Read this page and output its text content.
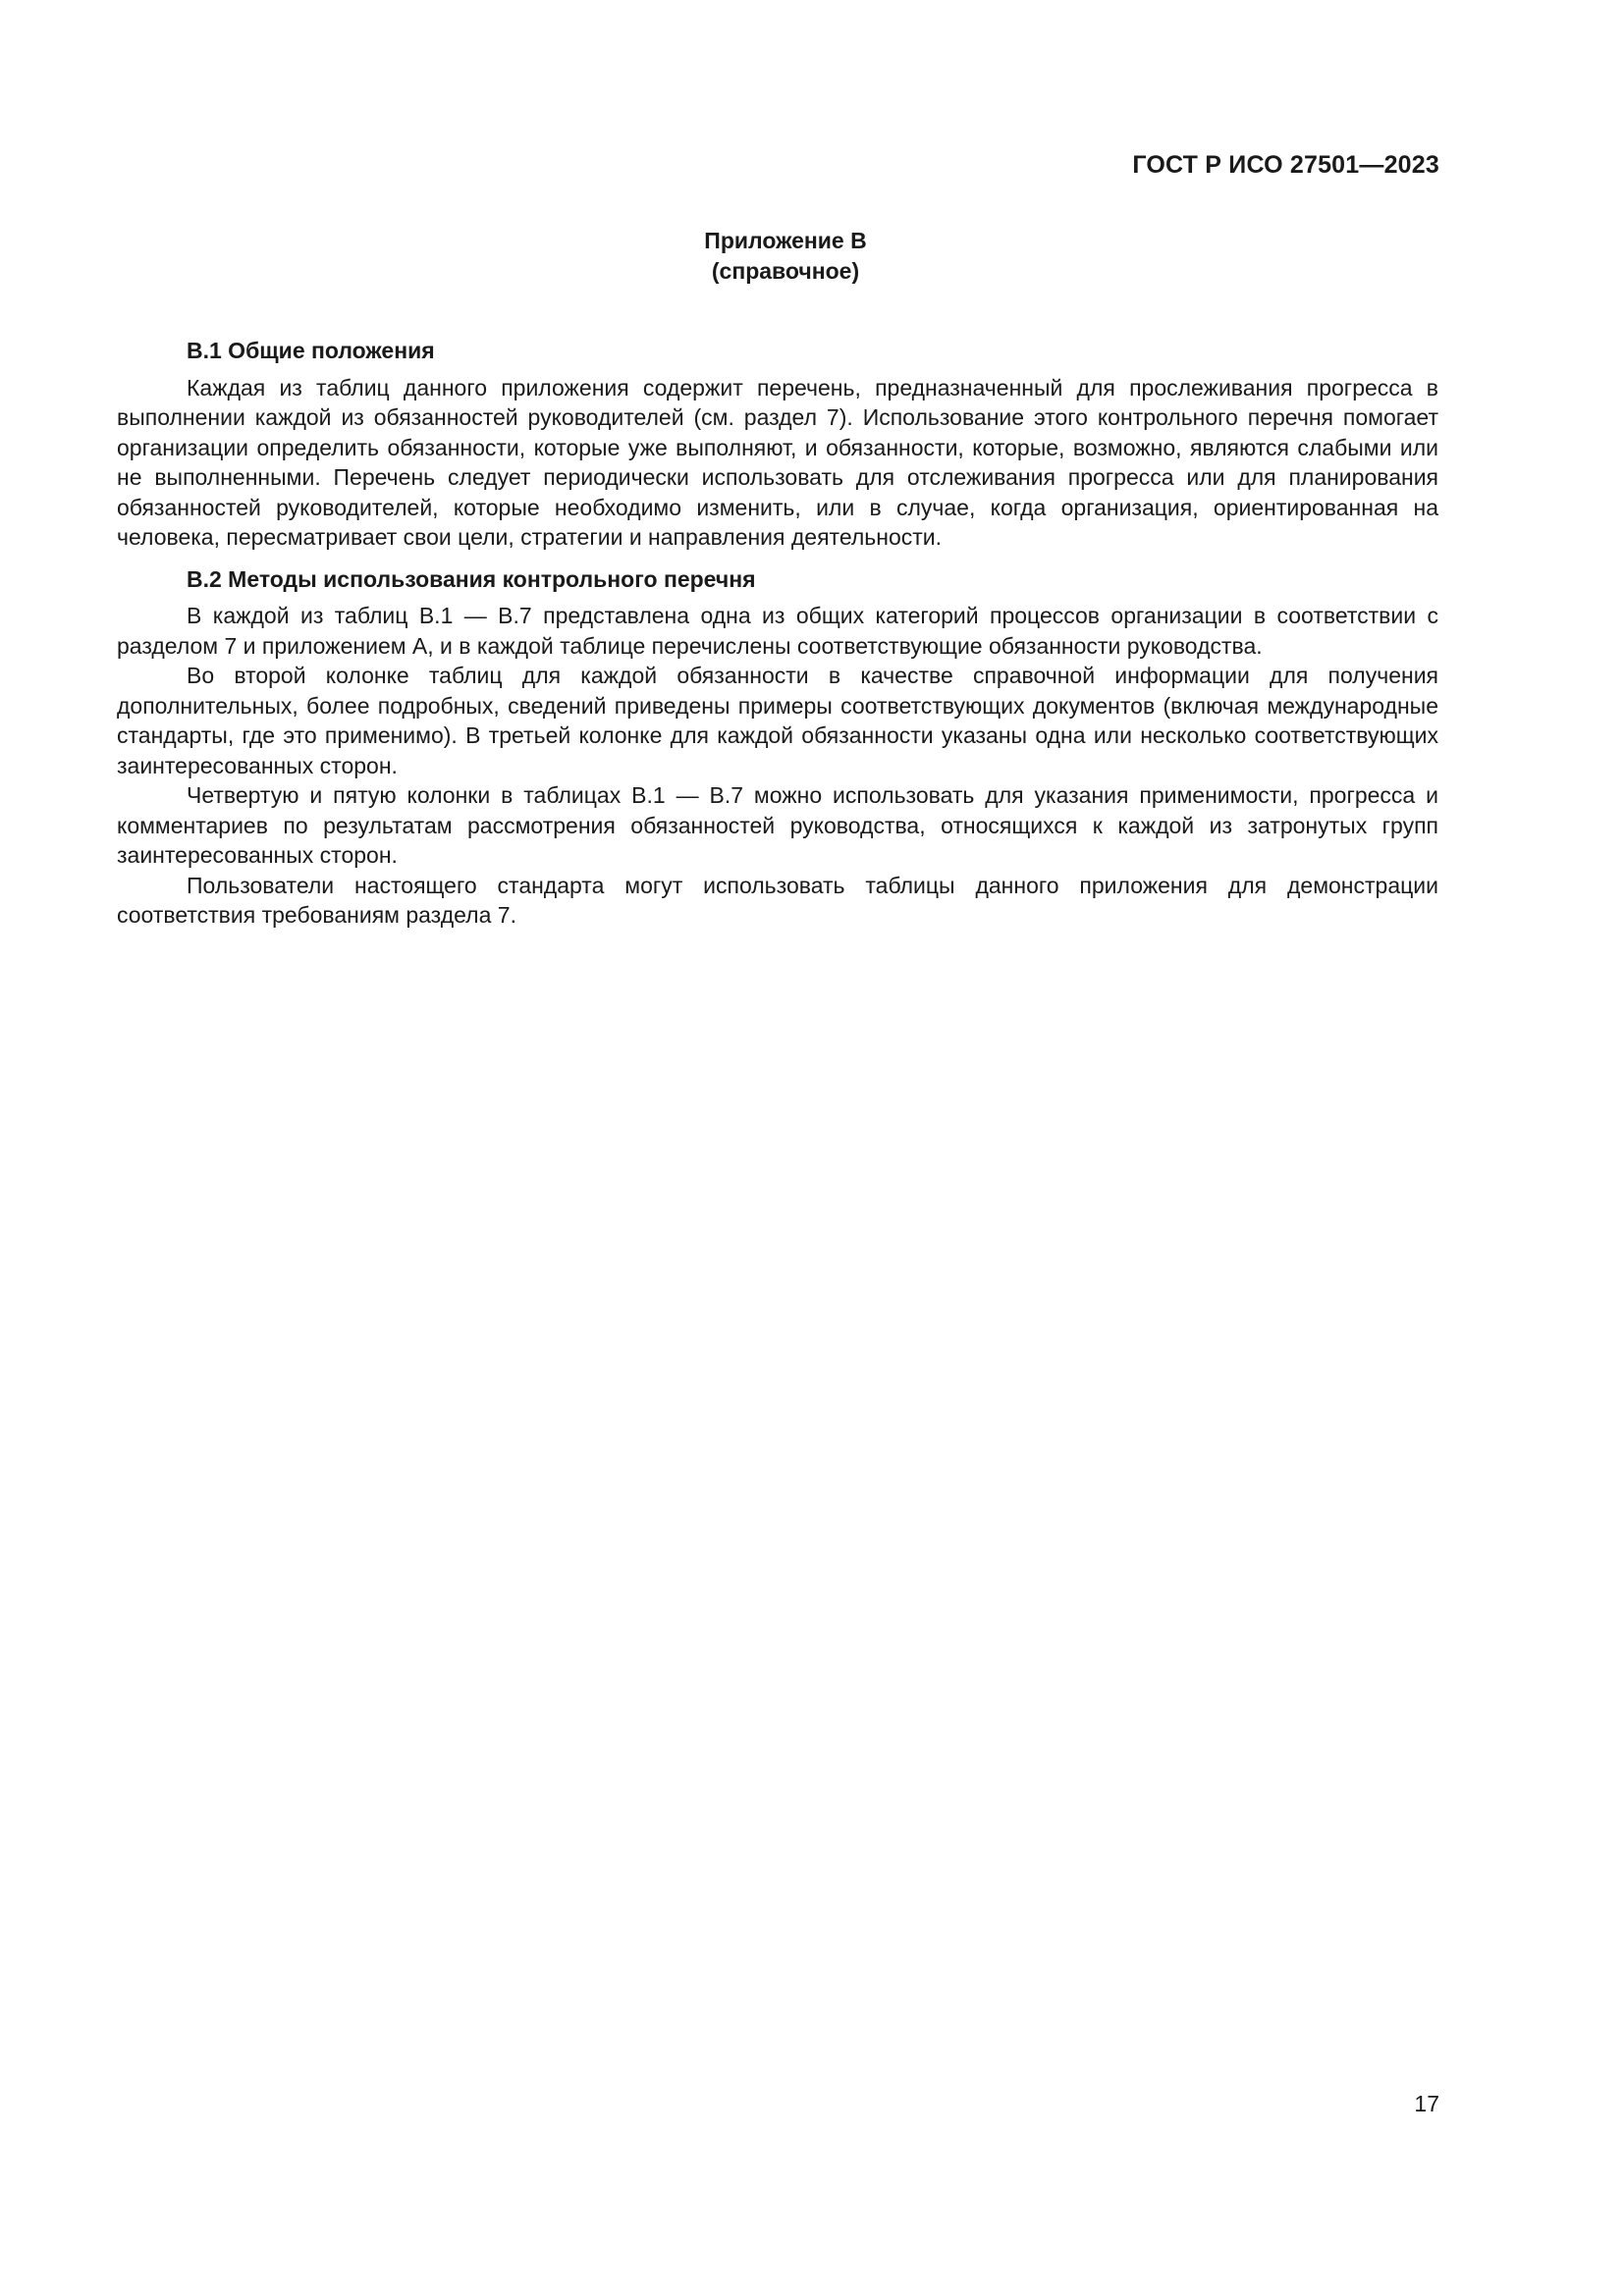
ГОСТ Р ИСО 27501—2023
Приложение В
(справочное)
В.1 Общие положения

Каждая из таблиц данного приложения содержит перечень, предназначенный для прослеживания прогресса в выполнении каждой из обязанностей руководителей (см. раздел 7). Использование этого контрольного перечня помогает организации определить обязанности, которые уже выполняют, и обязанности, которые, возможно, являются слабыми или не выполненными. Перечень следует периодически использовать для отслеживания прогресса или для планирования обязанностей руководителей, которые необходимо изменить, или в случае, когда организация, ориентированная на человека, пересматривает свои цели, стратегии и направления деятельности.

В.2 Методы использования контрольного перечня

В каждой из таблиц В.1 — В.7 представлена одна из общих категорий процессов организации в соответствии с разделом 7 и приложением А, и в каждой таблице перечислены соответствующие обязанности руководства.

Во второй колонке таблиц для каждой обязанности в качестве справочной информации для получения дополнительных, более подробных, сведений приведены примеры соответствующих документов (включая международные стандарты, где это применимо). В третьей колонке для каждой обязанности указаны одна или несколько соответствующих заинтересованных сторон.

Четвертую и пятую колонки в таблицах В.1 — В.7 можно использовать для указания применимости, прогресса и комментариев по результатам рассмотрения обязанностей руководства, относящихся к каждой из затронутых групп заинтересованных сторон.

Пользователи настоящего стандарта могут использовать таблицы данного приложения для демонстрации соответствия требованиям раздела 7.

17
